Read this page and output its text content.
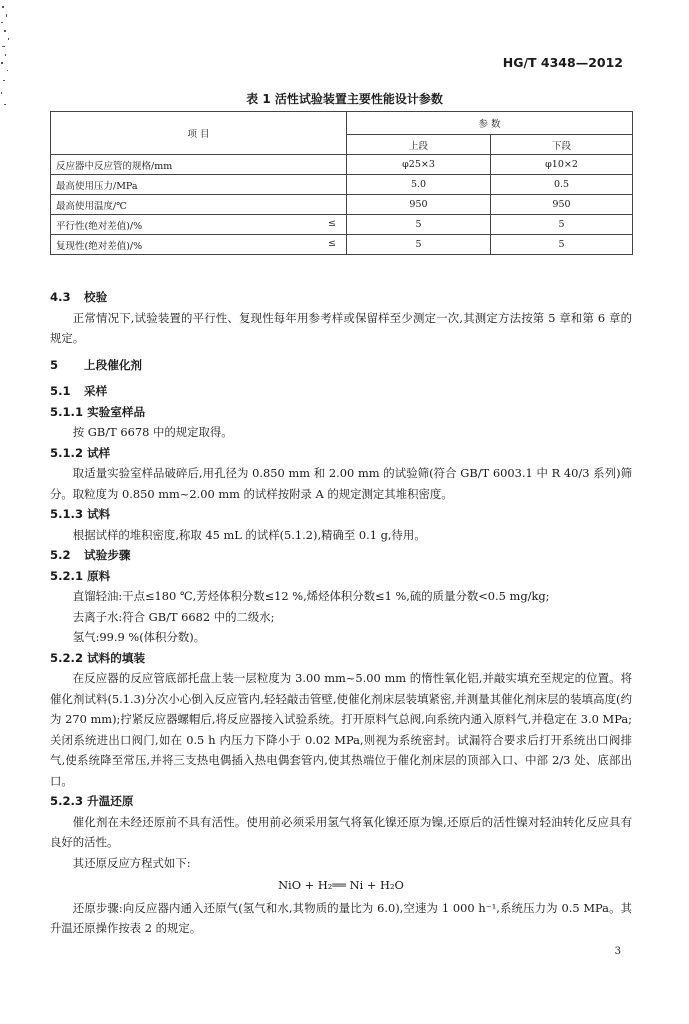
HG/T 4348—2012
表 1 活性试验装置主要性能设计参数
项 目	参 数	
	上段	下段
反应器中反应管的规格/mm	φ25×3	φ10×2
最高使用压力/MPa	5.0	0.5
最高使用温度/℃	950	950
平行性(绝对差值)/% ≤	5	5
复现性(绝对差值)/% ≤	5	5
4.3 校验

正常情况下,试验装置的平行性、复现性每年用参考样或保留样至少测定一次,其测定方法按第 5 章和第 6 章的规定。

5 上段催化剂
5.1 采样
5.1.1 实验室样品

按 GB/T 6678 中的规定取得。

5.1.2 试样

取适量实验室样品破碎后,用孔径为 0.850 mm 和 2.00 mm 的试验筛(符合 GB/T 6003.1 中 R 40/3 系列)筛分。取粒度为 0.850 mm~2.00 mm 的试样按附录 A 的规定测定其堆积密度。

5.1.3 试料

根据试样的堆积密度,称取 45 mL 的试样(5.1.2),精确至 0.1 g,待用。

5.2 试验步骤
5.2.1 原料

直馏轻油:干点≤180 ℃,芳烃体积分数≤12 %,烯烃体积分数≤1 %,硫的质量分数<0.5 mg/kg;

去离子水:符合 GB/T 6682 中的二级水;

氢气:99.9 %(体积分数)。

5.2.2 试料的填装

在反应器的反应管底部托盘上装一层粒度为 3.00 mm~5.00 mm 的惰性氧化铝,并敲实填充至规定的位置。将催化剂试料(5.1.3)分次小心倒入反应管内,轻轻敲击管壁,使催化剂床层装填紧密,并测量其催化剂床层的装填高度(约为 270 mm);拧紧反应器螺帽后,将反应器接入试验系统。打开原料气总阀,向系统内通入原料气,并稳定在 3.0 MPa;关闭系统进出口阀门,如在 0.5 h 内压力下降小于 0.02 MPa,则视为系统密封。试漏符合要求后打开系统出口阀排气,使系统降至常压,并将三支热电偶插入热电偶套管内,使其热端位于催化剂床层的顶部入口、中部 2/3 处、底部出口。

5.2.3 升温还原

催化剂在未经还原前不具有活性。使用前必须采用氢气将氧化镍还原为镍,还原后的活性镍对轻油转化反应具有良好的活性。

其还原反应方程式如下:

NiO + H₂══ Ni + H₂O

还原步骤:向反应器内通入还原气(氢气和水,其物质的量比为 6.0),空速为 1 000 h⁻¹,系统压力为 0.5 MPa。其升温还原操作按表 2 的规定。

3
